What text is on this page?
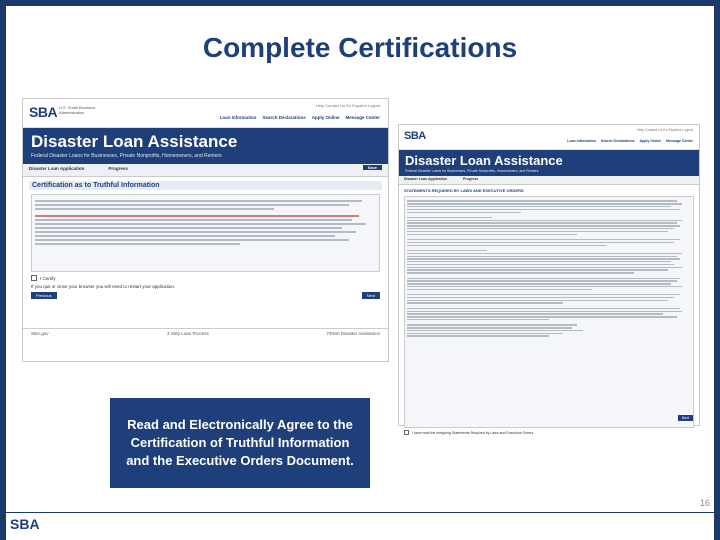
Complete Certifications
SBA U.S. Small Business
Administration
Help Contact Us En Español Logout
Loan Information Search Declarations Apply Online Message Center
Disaster Loan Assistance
Federal Disaster Loans for Businesses, Private Nonprofits, Homeowners, and Renters
Disaster Loan Application	Progress	Save
Certification as to Truthful Information
I Certify
If you quit or close your browser you will need to restart your application.
Previous	Next
SBA.gov	3 Step Loan Process	FEMA Disaster Assistance
Read and Electronically Agree to the Certification of Truthful Information and the Executive Orders Document.
SBA	Help Contact Us En Español Logout
Loan Information Search Declarations Apply Online Message Center
Disaster Loan Assistance
Federal Disaster Loans for Businesses, Private Nonprofits, Homeowners, and Renters
Disaster Loan Application	Progress
STATEMENTS REQUIRED BY LAWS AND EXECUTIVE ORDERS
I have read the foregoing Statements Required by Laws and Executive Orders
Next
16
SBA
